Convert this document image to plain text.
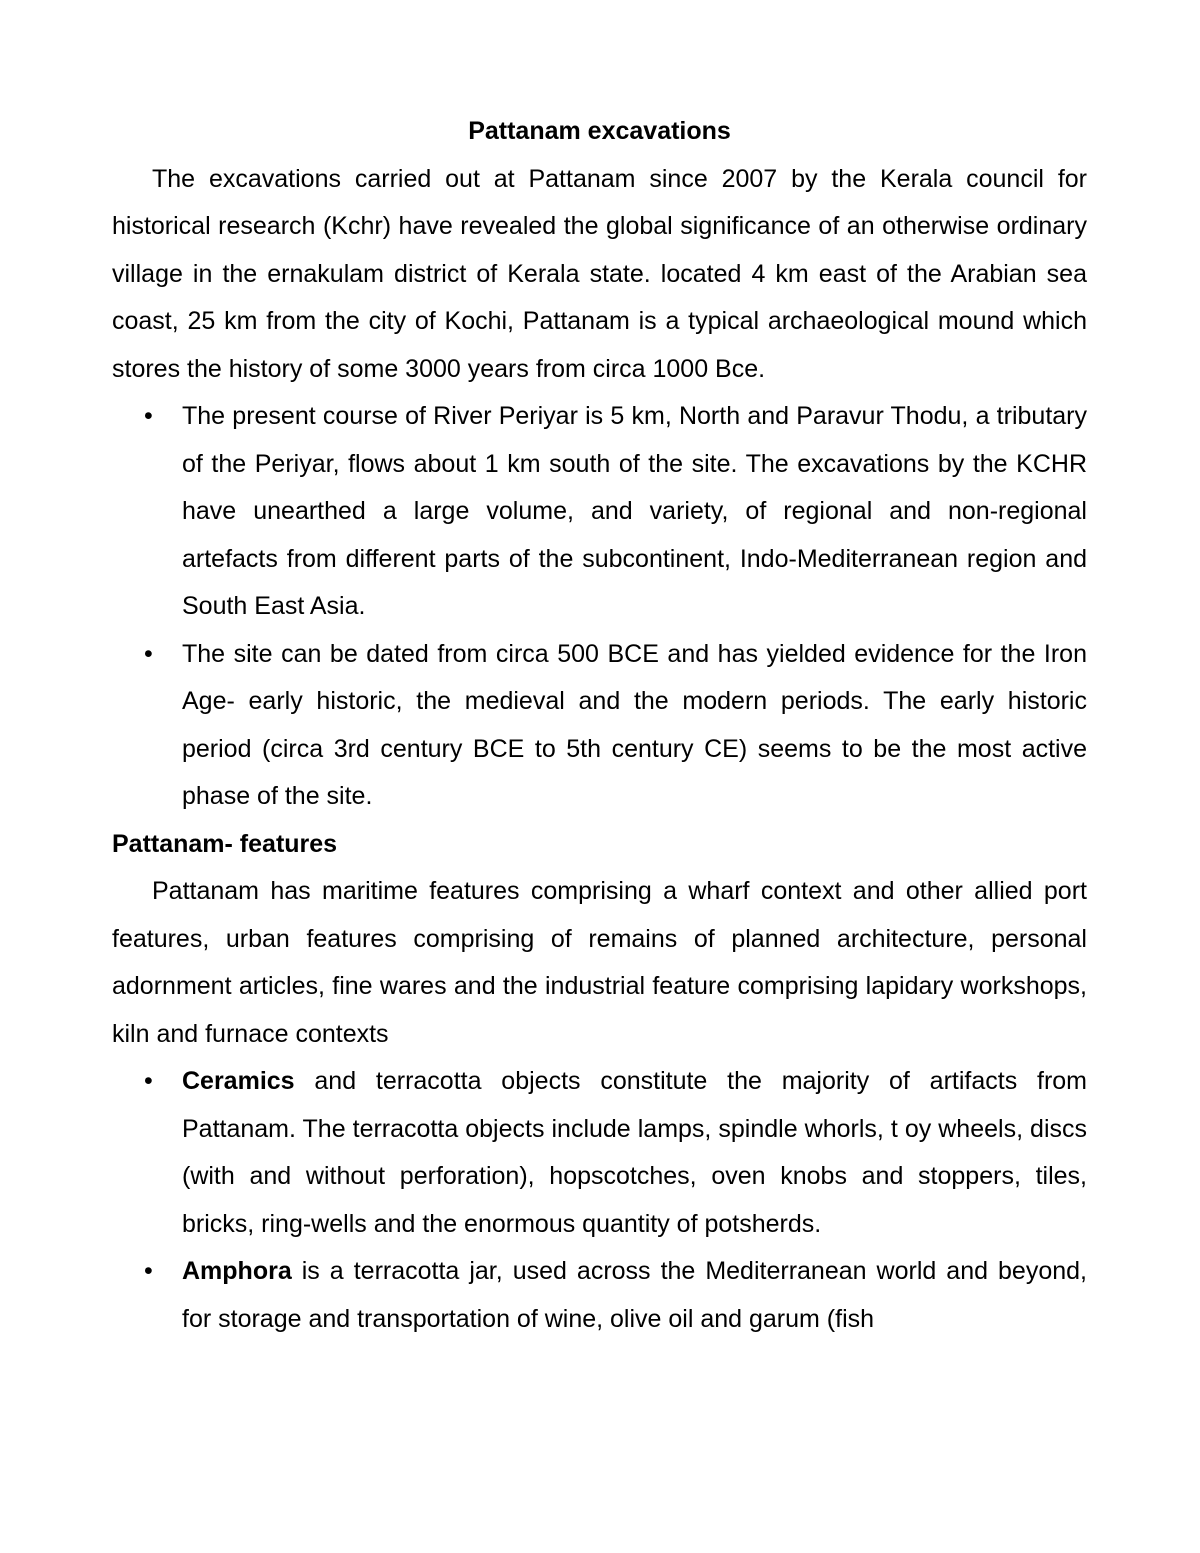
Pattanam excavations

The excavations carried out at Pattanam since 2007 by the Kerala council for historical research (Kchr) have revealed the global significance of an otherwise ordinary village in the ernakulam district of Kerala state. located 4 km east of the Arabian sea coast, 25 km from the city of Kochi, Pattanam is a typical archaeological mound which stores the history of some 3000 years from circa 1000 Bce.

• The present course of River Periyar is 5 km, North and Paravur Thodu, a tributary of the Periyar, flows about 1 km south of the site. The excavations by the KCHR have unearthed a large volume, and variety, of regional and non-regional artefacts from different parts of the subcontinent, Indo-Mediterranean region and South East Asia.
• The site can be dated from circa 500 BCE and has yielded evidence for the Iron Age- early historic, the medieval and the modern periods. The early historic period (circa 3rd century BCE to 5th century CE) seems to be the most active phase of the site.

Pattanam- features

Pattanam has maritime features comprising a wharf context and other allied port features, urban features comprising of remains of planned architecture, personal adornment articles, fine wares and the industrial feature comprising lapidary workshops, kiln and furnace contexts

• Ceramics and terracotta objects constitute the majority of artifacts from Pattanam. The terracotta objects include lamps, spindle whorls, t oy wheels, discs (with and without perforation), hopscotches, oven knobs and stoppers, tiles, bricks, ring-wells and the enormous quantity of potsherds.
• Amphora is a terracotta jar, used across the Mediterranean world and beyond, for storage and transportation of wine, olive oil and garum (fish
